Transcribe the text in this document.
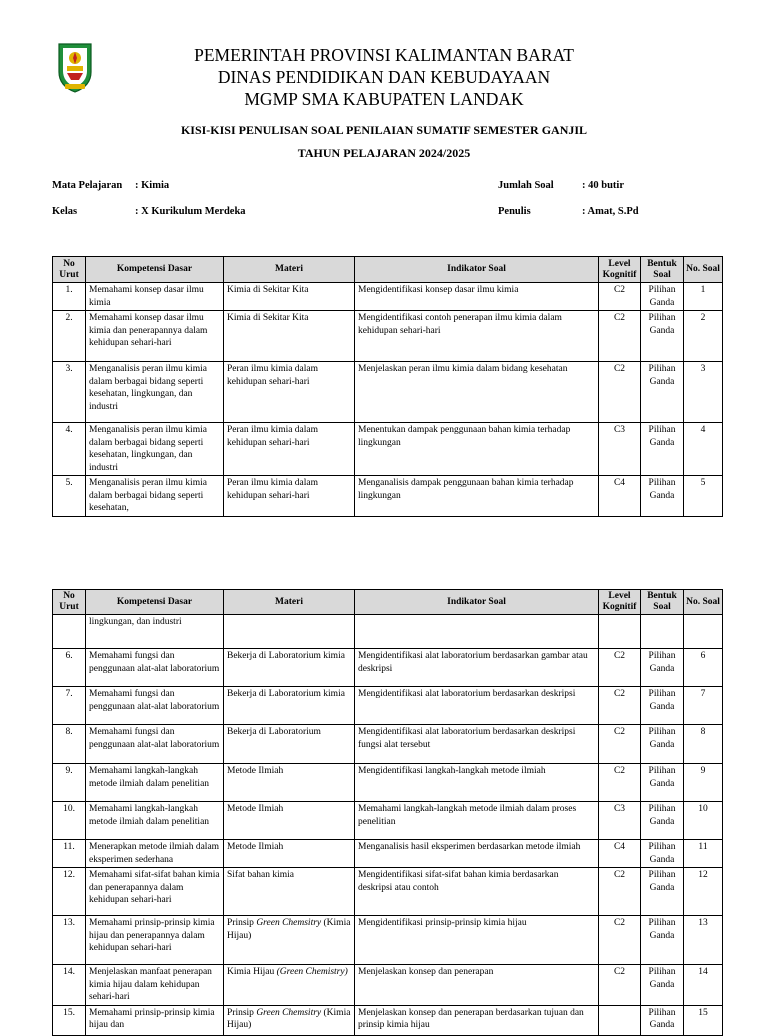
PEMERINTAH PROVINSI KALIMANTAN BARAT
DINAS PENDIDIKAN DAN KEBUDAYAAN
MGMP SMA KABUPATEN LANDAK
KISI-KISI PENULISAN SOAL PENILAIAN SUMATIF SEMESTER GANJIL
TAHUN PELAJARAN 2024/2025
Mata Pelajaran : Kimia
Kelas	: X Kurikulum Merdeka
Jumlah Soal	: 40 butir
Penulis	: Amat, S.Pd
No Urut	Kompetensi Dasar	Materi	Indikator Soal	Level Kognitif	Bentuk Soal	No. Soal
1.	Memahami konsep dasar ilmu kimia	Kimia di Sekitar Kita	Mengidentifikasi konsep dasar ilmu kimia	C2	Pilihan Ganda	1
2.	Memahami konsep dasar ilmu kimia dan penerapannya dalam kehidupan sehari-hari	Kimia di Sekitar Kita	Mengidentifikasi contoh penerapan ilmu kimia dalam kehidupan sehari-hari	C2	Pilihan Ganda	2
3.	Menganalisis peran ilmu kimia dalam berbagai bidang seperti kesehatan, lingkungan, dan industri	Peran ilmu kimia dalam kehidupan sehari-hari	Menjelaskan peran ilmu kimia dalam bidang kesehatan	C2	Pilihan Ganda	3
4.	Menganalisis peran ilmu kimia dalam berbagai bidang seperti kesehatan, lingkungan, dan industri	Peran ilmu kimia dalam kehidupan sehari-hari	Menentukan dampak penggunaan bahan kimia terhadap lingkungan	C3	Pilihan Ganda	4
5.	Menganalisis peran ilmu kimia dalam berbagai bidang seperti kesehatan,	Peran ilmu kimia dalam kehidupan sehari-hari	Menganalisis dampak penggunaan bahan kimia terhadap lingkungan	C4	Pilihan Ganda	5
No Urut	Kompetensi Dasar	Materi	Indikator Soal	Level Kognitif	Bentuk Soal	No. Soal
	lingkungan, dan industri					
6.	Memahami fungsi dan penggunaan alat-alat laboratorium	Bekerja di Laboratorium kimia	Mengidentifikasi alat laboratorium berdasarkan gambar atau deskripsi	C2	Pilihan Ganda	6
7.	Memahami fungsi dan penggunaan alat-alat laboratorium	Bekerja di Laboratorium kimia	Mengidentifikasi alat laboratorium berdasarkan deskripsi	C2	Pilihan Ganda	7
8.	Memahami fungsi dan penggunaan alat-alat laboratorium	Bekerja di Laboratorium	Mengidentifikasi alat laboratorium berdasarkan deskripsi fungsi alat tersebut	C2	Pilihan Ganda	8
9.	Memahami langkah-langkah metode ilmiah dalam penelitian	Metode Ilmiah	Mengidentifikasi langkah-langkah metode ilmiah	C2	Pilihan Ganda	9
10.	Memahami langkah-langkah metode ilmiah dalam penelitian	Metode Ilmiah	Memahami langkah-langkah metode ilmiah dalam proses penelitian	C3	Pilihan Ganda	10
11.	Menerapkan metode ilmiah dalam eksperimen sederhana	Metode Ilmiah	Menganalisis hasil eksperimen berdasarkan metode ilmiah	C4	Pilihan Ganda	11
12.	Memahami sifat-sifat bahan kimia dan penerapannya dalam kehidupan sehari-hari	Sifat bahan kimia	Mengidentifikasi sifat-sifat bahan kimia berdasarkan deskripsi atau contoh	C2	Pilihan Ganda	12
13.	Memahami prinsip-prinsip kimia hijau dan penerapannya dalam kehidupan sehari-hari	Prinsip Green Chemsitry (Kimia Hijau)	Mengidentifikasi prinsip-prinsip kimia hijau	C2	Pilihan Ganda	13
14.	Menjelaskan manfaat penerapan kimia hijau dalam kehidupan sehari-hari	Kimia Hijau (Green Chemistry)	Menjelaskan konsep dan penerapan	C2	Pilihan Ganda	14
15.	Memahami prinsip-prinsip kimia hijau dan	Prinsip Green Chemsitry (Kimia Hijau)	Menjelaskan konsep dan penerapan berdasarkan tujuan dan prinsip kimia hijau		Pilihan Ganda	15
